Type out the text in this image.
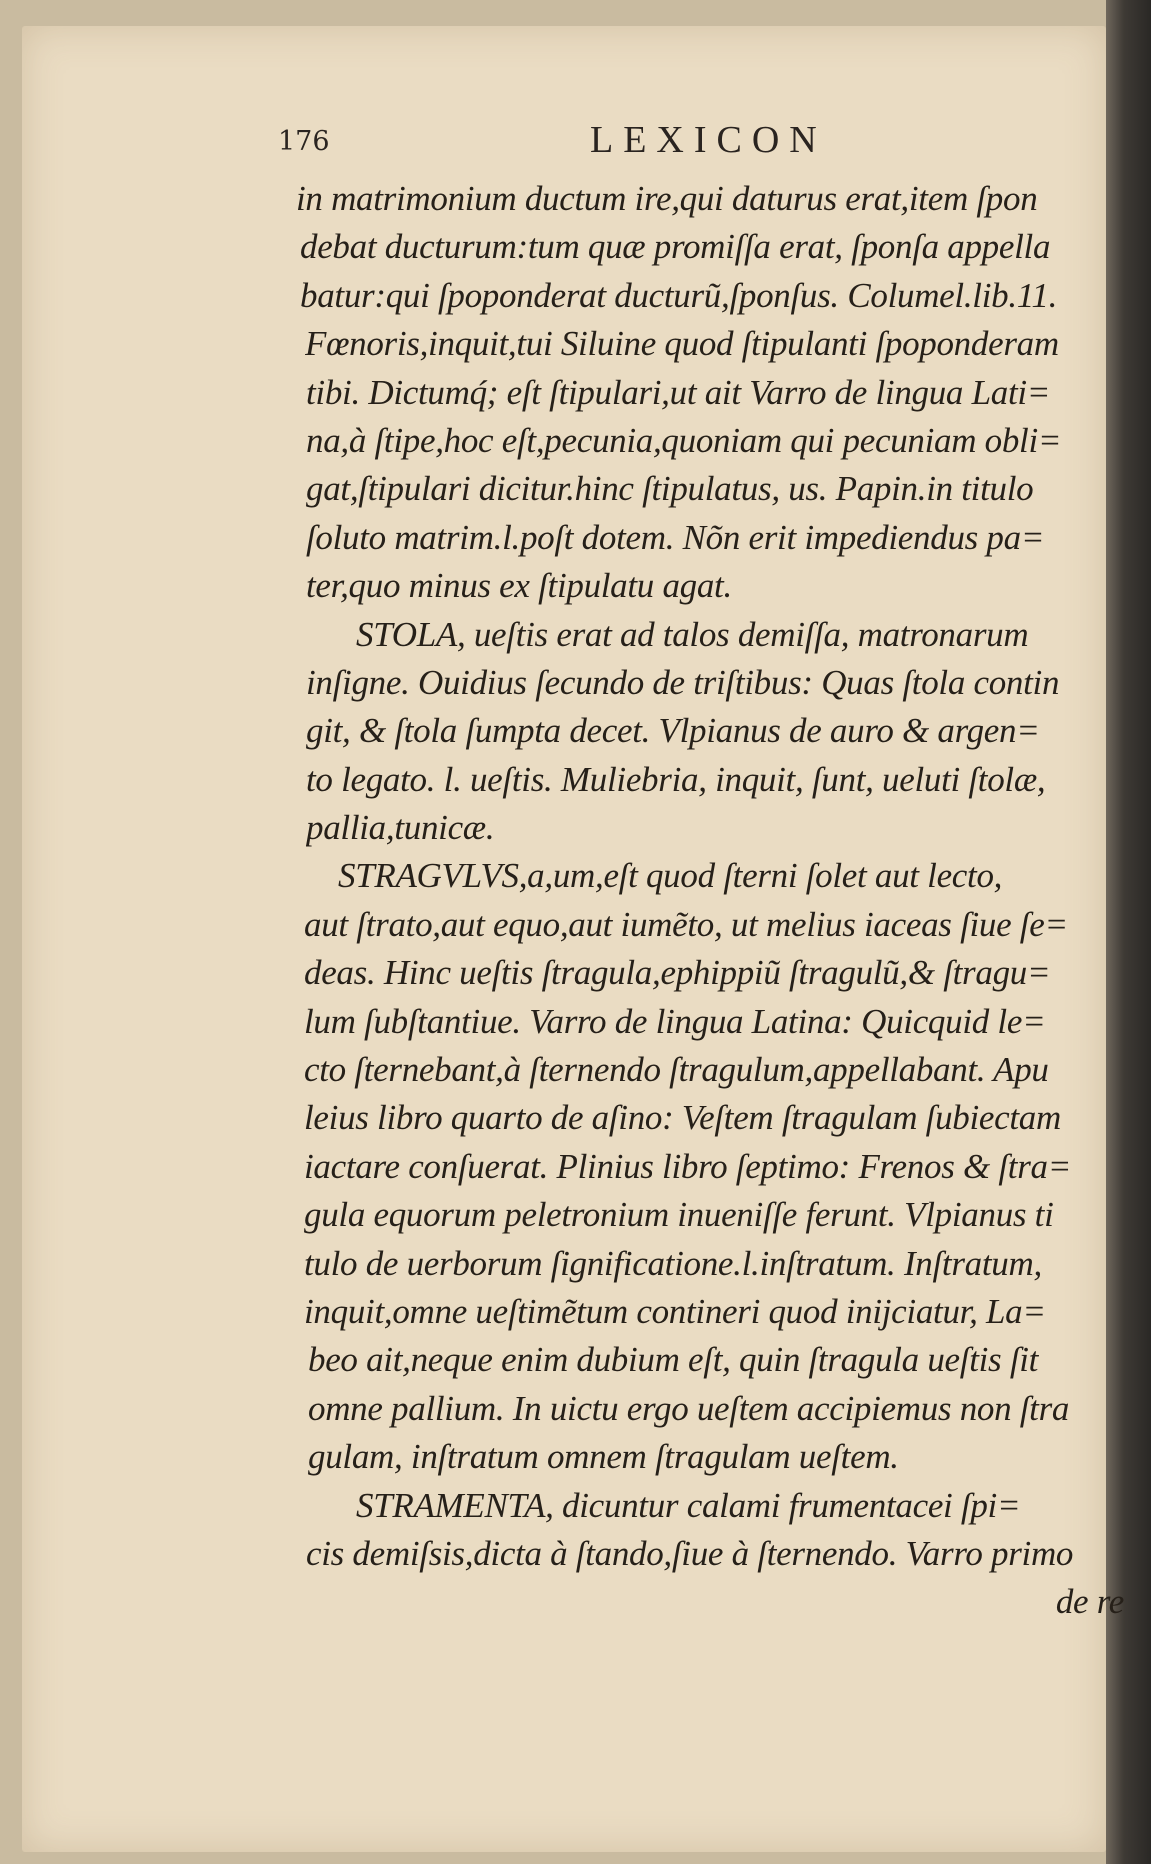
176	LEXICON
in matrimonium ductum ire,qui daturus erat,item ſpon
debat ducturum:tum quæ promiſſa erat, ſponſa appella
batur:qui ſpoponderat ducturũ,ſponſus. Columel.lib.11.
Fœnoris,inquit,tui Siluine quod ſtipulanti ſpoponderam
tibi. Dictumq́; eſt ſtipulari,ut ait Varro de lingua Lati=
na,à ſtipe,hoc eſt,pecunia,quoniam qui pecuniam obli=
gat,ſtipulari dicitur.hinc ſtipulatus, us. Papin.in titulo
ſoluto matrim.l.poſt dotem. Nõn erit impediendus pa=
ter,quo minus ex ſtipulatu agat.
STOLA, ueſtis erat ad talos demiſſa, matronarum
inſigne. Ouidius ſecundo de triſtibus: Quas ſtola contin
git, & ſtola ſumpta decet. Vlpianus de auro & argen=
to legato. l. ueſtis. Muliebria, inquit, ſunt, ueluti ſtolæ,
pallia,tunicæ.
STRAGVLVS,a,um,eſt quod ſterni ſolet aut lecto,
aut ſtrato,aut equo,aut iumẽto, ut melius iaceas ſiue ſe=
deas. Hinc ueſtis ſtragula,ephippiũ ſtragulũ,& ſtragu=
lum ſubſtantiue. Varro de lingua Latina: Quicquid le=
cto ſternebant,à ſternendo ſtragulum,appellabant. Apu
leius libro quarto de aſino: Veſtem ſtragulam ſubiectam
iactare conſuerat. Plinius libro ſeptimo: Frenos & ſtra=
gula equorum peletronium inueniſſe ferunt. Vlpianus ti
tulo de uerborum ſignificatione.l.inſtratum. Inſtratum,
inquit,omne ueſtimẽtum contineri quod inijciatur, La=
beo ait,neque enim dubium eſt, quin ſtragula ueſtis ſit
omne pallium. In uictu ergo ueſtem accipiemus non ſtra
gulam, inſtratum omnem ſtragulam ueſtem.
STRAMENTA, dicuntur calami frumentacei ſpi=
cis demiſsis,dicta à ſtando,ſiue à ſternendo. Varro primo
de re
